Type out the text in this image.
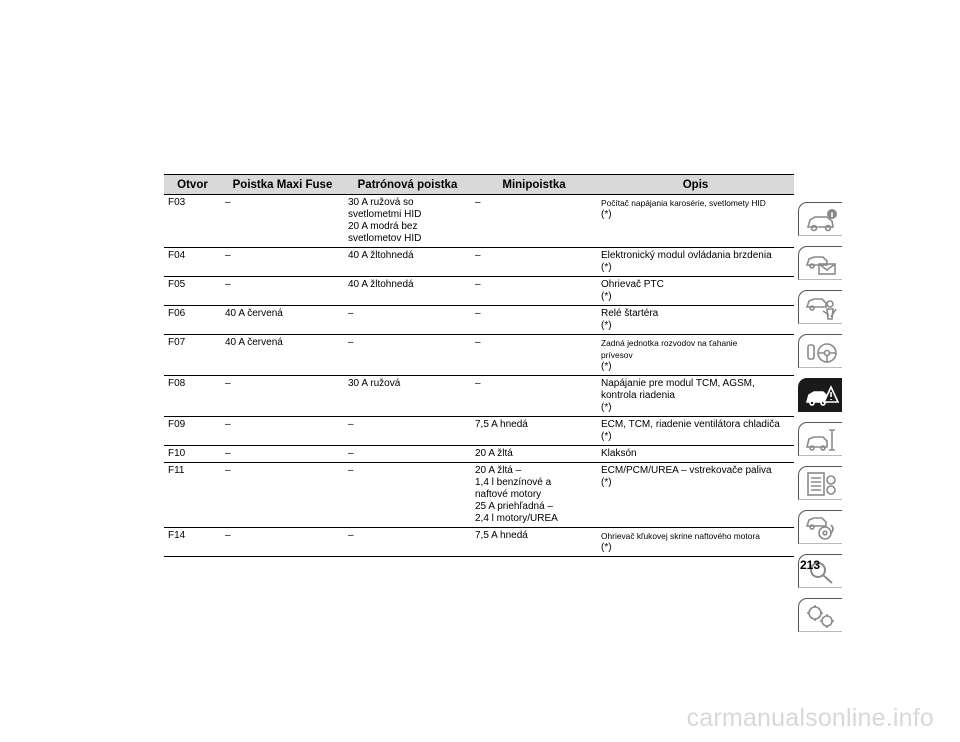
Otvor	Poistka Maxi Fuse	Patrónová poistka	Minipoistka	Opis

F03	–	30 A ružová so
svetlometmi HID
20 A modrá bez
svetlometov HID	–	Počítač napájania karosérie, svetlomety HID
(*)

F04	–	40 A žltohnedá	–	Elektronický modul ovládania brzdenia
(*)

F05	–	40 A žltohnedá	–	Ohrievač PTC
(*)

F06	40 A červená	–	–	Relé štartéra
(*)

F07	40 A červená	–	–	Zadná jednotka rozvodov na ťahanie
prívesov
(*)

F08	–	30 A ružová	–	Napájanie pre modul TCM, AGSM,
kontrola riadenia
(*)

F09	–	–	7,5 A hnedá	ECM, TCM, riadenie ventilátora chladiča
(*)

F10	–	–	20 A žltá	Klaksón

F11	–	–	20 A žltá –
1,4 l benzínové a
naftové motory
25 A priehľadná –
2,4 l motory/UREA	ECM/PCM/UREA – vstrekovače paliva
(*)

F14	–	–	7,5 A hnedá	Ohrievač kľukovej skrine naftového motora
(*)
213
carmanualsonline.info
